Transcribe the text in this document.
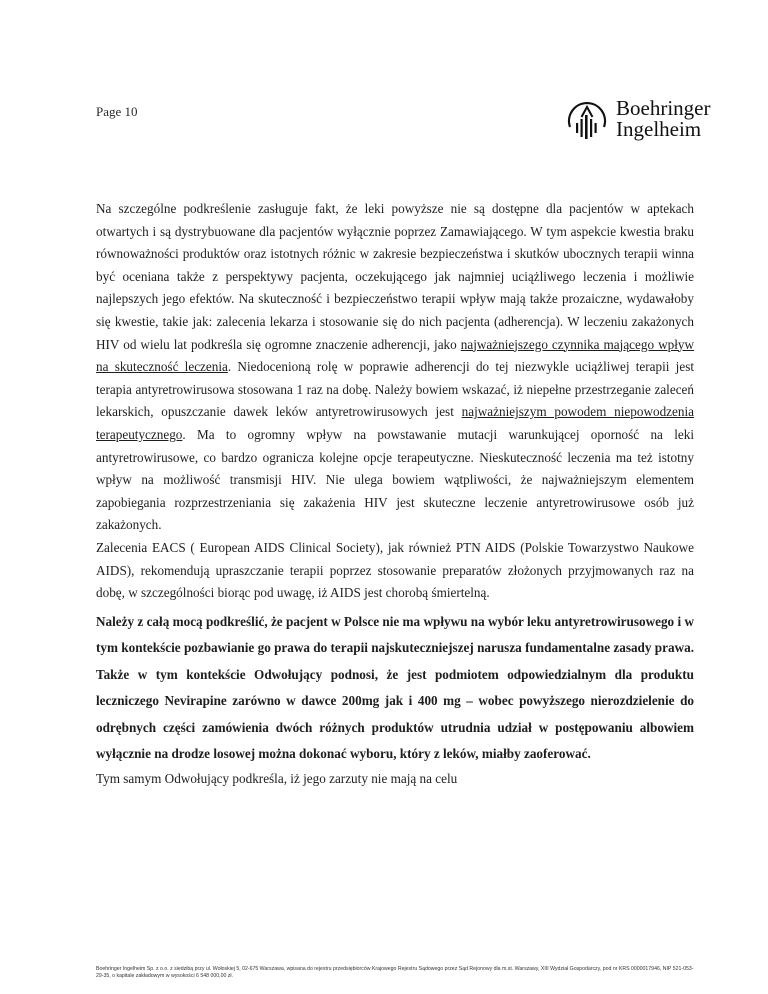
Page 10	Boehringer
Ingelheim

Na szczególne podkreślenie zasługuje fakt, że leki powyższe nie są dostępne dla pacjentów w aptekach otwartych i są dystrybuowane dla pacjentów wyłącznie poprzez Zamawiającego. W tym aspekcie kwestia braku równoważności produktów oraz istotnych różnic w zakresie bezpieczeństwa i skutków ubocznych terapii winna być oceniana także z perspektywy pacjenta, oczekującego jak najmniej uciążliwego leczenia i możliwie najlepszych jego efektów. Na skuteczność i bezpieczeństwo terapii wpływ mają także prozaiczne, wydawałoby się kwestie, takie jak: zalecenia lekarza i stosowanie się do nich pacjenta (adherencja). W leczeniu zakażonych HIV od wielu lat podkreśla się ogromne znaczenie adherencji, jako najważniejszego czynnika mającego wpływ na skuteczność leczenia. Niedocenioną rolę w poprawie adherencji do tej niezwykle uciążliwej terapii jest terapia antyretrowirusowa stosowana 1 raz na dobę. Należy bowiem wskazać, iż niepełne przestrzeganie zaleceń lekarskich, opuszczanie dawek leków antyretrowirusowych jest najważniejszym powodem niepowodzenia terapeutycznego. Ma to ogromny wpływ na powstawanie mutacji warunkującej oporność na leki antyretrowirusowe, co bardzo ogranicza kolejne opcje terapeutyczne. Nieskuteczność leczenia ma też istotny wpływ na możliwość transmisji HIV. Nie ulega bowiem wątpliwości, że najważniejszym elementem zapobiegania rozprzestrzeniania się zakażenia HIV jest skuteczne leczenie antyretrowirusowe osób już zakażonych.

Zalecenia EACS ( European AIDS Clinical Society), jak również PTN AIDS (Polskie Towarzystwo Naukowe AIDS), rekomendują upraszczanie terapii poprzez stosowanie preparatów złożonych przyjmowanych raz na dobę, w szczególności biorąc pod uwagę, iż AIDS jest chorobą śmiertelną.

Należy z całą mocą podkreślić, że pacjent w Polsce nie ma wpływu na wybór leku antyretrowirusowego i w tym kontekście pozbawianie go prawa do terapii najskuteczniejszej narusza fundamentalne zasady prawa. Także w tym kontekście Odwołujący podnosi, że jest podmiotem odpowiedzialnym dla produktu leczniczego Nevirapine zarówno w dawce 200mg jak i 400 mg – wobec powyższego nierozdzielenie do odrębnych części zamówienia dwóch różnych produktów utrudnia udział w postępowaniu albowiem wyłącznie na drodze losowej można dokonać wyboru, który z leków, miałby zaoferować.

Tym samym Odwołujący podkreśla, iż jego zarzuty nie mają na celu

Boehringer Ingelheim Sp. z o.o. z siedzibą przy ul. Wołoskiej 5, 02-675 Warszawa, wpisana do rejestru przedsiębiorców Krajowego Rejestru Sądowego przez Sąd Rejonowy dla m.st. Warszawy, XIII Wydział Gospodarczy, pod nr KRS 0000017946, NIP 521-053-29-35, o kapitale zakładowym w wysokości 6 548 000,00 zł.
